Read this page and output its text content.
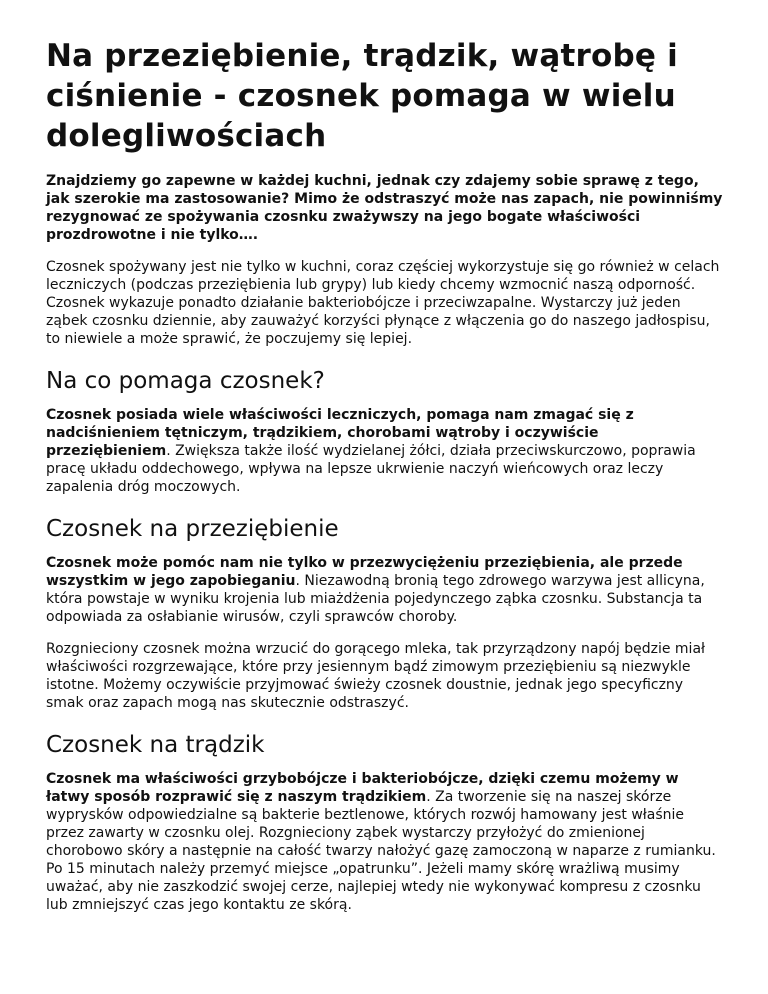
Na przeziębienie, trądzik, wątrobę i ciśnienie - czosnek pomaga w wielu dolegliwościach

Znajdziemy go zapewne w każdej kuchni, jednak czy zdajemy sobie sprawę z tego, jak szerokie ma zastosowanie? Mimo że odstraszyć może nas zapach, nie powinniśmy rezygnować ze spożywania czosnku zważywszy na jego bogate właściwości prozdrowotne i nie tylko….

Czosnek spożywany jest nie tylko w kuchni, coraz częściej wykorzystuje się go również w celach leczniczych (podczas przeziębienia lub grypy) lub kiedy chcemy wzmocnić naszą odporność. Czosnek wykazuje ponadto działanie bakteriobójcze i przeciwzapalne. Wystarczy już jeden ząbek czosnku dziennie, aby zauważyć korzyści płynące z włączenia go do naszego jadłospisu, to niewiele a może sprawić, że poczujemy się lepiej.

Na co pomaga czosnek?

Czosnek posiada wiele właściwości leczniczych, pomaga nam zmagać się z nadciśnieniem tętniczym, trądzikiem, chorobami wątroby i oczywiście przeziębieniem. Zwiększa także ilość wydzielanej żółci, działa przeciwskurczowo, poprawia pracę układu oddechowego, wpływa na lepsze ukrwienie naczyń wieńcowych oraz leczy zapalenia dróg moczowych.

Czosnek na przeziębienie

Czosnek może pomóc nam nie tylko w przezwyciężeniu przeziębienia, ale przede wszystkim w jego zapobieganiu. Niezawodną bronią tego zdrowego warzywa jest allicyna, która powstaje w wyniku krojenia lub miażdżenia pojedynczego ząbka czosnku. Substancja ta odpowiada za osłabianie wirusów, czyli sprawców choroby.

Rozgnieciony czosnek można wrzucić do gorącego mleka, tak przyrządzony napój będzie miał właściwości rozgrzewające, które przy jesiennym bądź zimowym przeziębieniu są niezwykle istotne. Możemy oczywiście przyjmować świeży czosnek doustnie, jednak jego specyficzny smak oraz zapach mogą nas skutecznie odstraszyć.

Czosnek na trądzik

Czosnek ma właściwości grzybobójcze i bakteriobójcze, dzięki czemu możemy w łatwy sposób rozprawić się z naszym trądzikiem. Za tworzenie się na naszej skórze wyprysków odpowiedzialne są bakterie beztlenowe, których rozwój hamowany jest właśnie przez zawarty w czosnku olej. Rozgnieciony ząbek wystarczy przyłożyć do zmienionej chorobowo skóry a następnie na całość twarzy nałożyć gazę zamoczoną w naparze z rumianku. Po 15 minutach należy przemyć miejsce „opatrunku”. Jeżeli mamy skórę wrażliwą musimy uważać, aby nie zaszkodzić swojej cerze, najlepiej wtedy nie wykonywać kompresu z czosnku lub zmniejszyć czas jego kontaktu ze skórą.
